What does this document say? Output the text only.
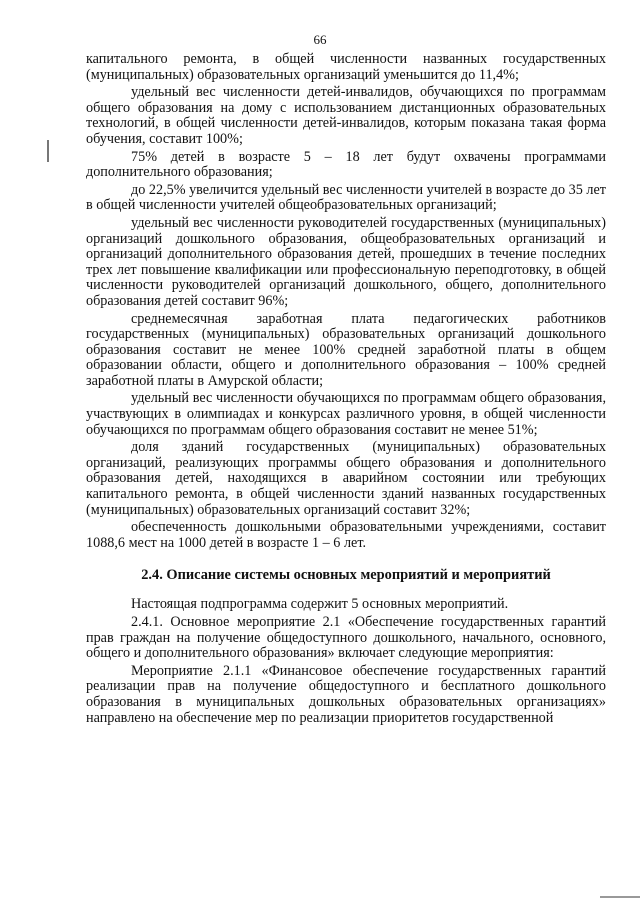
66

капитального ремонта, в общей численности названных государственных (муниципальных) образовательных организаций уменьшится до 11,4%;

удельный вес численности детей-инвалидов, обучающихся по программам общего образования на дому с использованием дистанционных образовательных технологий, в общей численности детей-инвалидов, которым показана такая форма обучения, составит 100%;

75% детей в возрасте 5 – 18 лет будут охвачены программами дополнительного образования;

до 22,5% увеличится удельный вес численности учителей в возрасте до 35 лет в общей численности учителей общеобразовательных организаций;

удельный вес численности руководителей государственных (муниципальных) организаций дошкольного образования, общеобразовательных организаций и организаций дополнительного образования детей, прошедших в течение последних трех лет повышение квалификации или профессиональную переподготовку, в общей численности руководителей организаций дошкольного, общего, дополнительного образования детей составит 96%;

среднемесячная заработная плата педагогических работников государственных (муниципальных) образовательных организаций дошкольного образования составит не менее 100% средней заработной платы в общем образовании области, общего и дополнительного образования – 100% средней заработной платы в Амурской области;

удельный вес численности обучающихся по программам общего образования, участвующих в олимпиадах и конкурсах различного уровня, в общей численности обучающихся по программам общего образования составит не менее 51%;

доля зданий государственных (муниципальных) образовательных организаций, реализующих программы общего образования и дополнительного образования детей, находящихся в аварийном состоянии или требующих капитального ремонта, в общей численности зданий названных государственных (муниципальных) образовательных организаций составит 32%;

обеспеченность дошкольными образовательными учреждениями, составит 1088,6 мест на 1000 детей в возрасте 1 – 6 лет.

2.4. Описание системы основных мероприятий и мероприятий

Настоящая подпрограмма содержит 5 основных мероприятий.

2.4.1. Основное мероприятие 2.1 «Обеспечение государственных гарантий прав граждан на получение общедоступного дошкольного, начального, основного, общего и дополнительного образования» включает следующие мероприятия:

Мероприятие 2.1.1 «Финансовое обеспечение государственных гарантий реализации прав на получение общедоступного и бесплатного дошкольного образования в муниципальных дошкольных образовательных организациях» направлено на обеспечение мер по реализации приоритетов государственной
